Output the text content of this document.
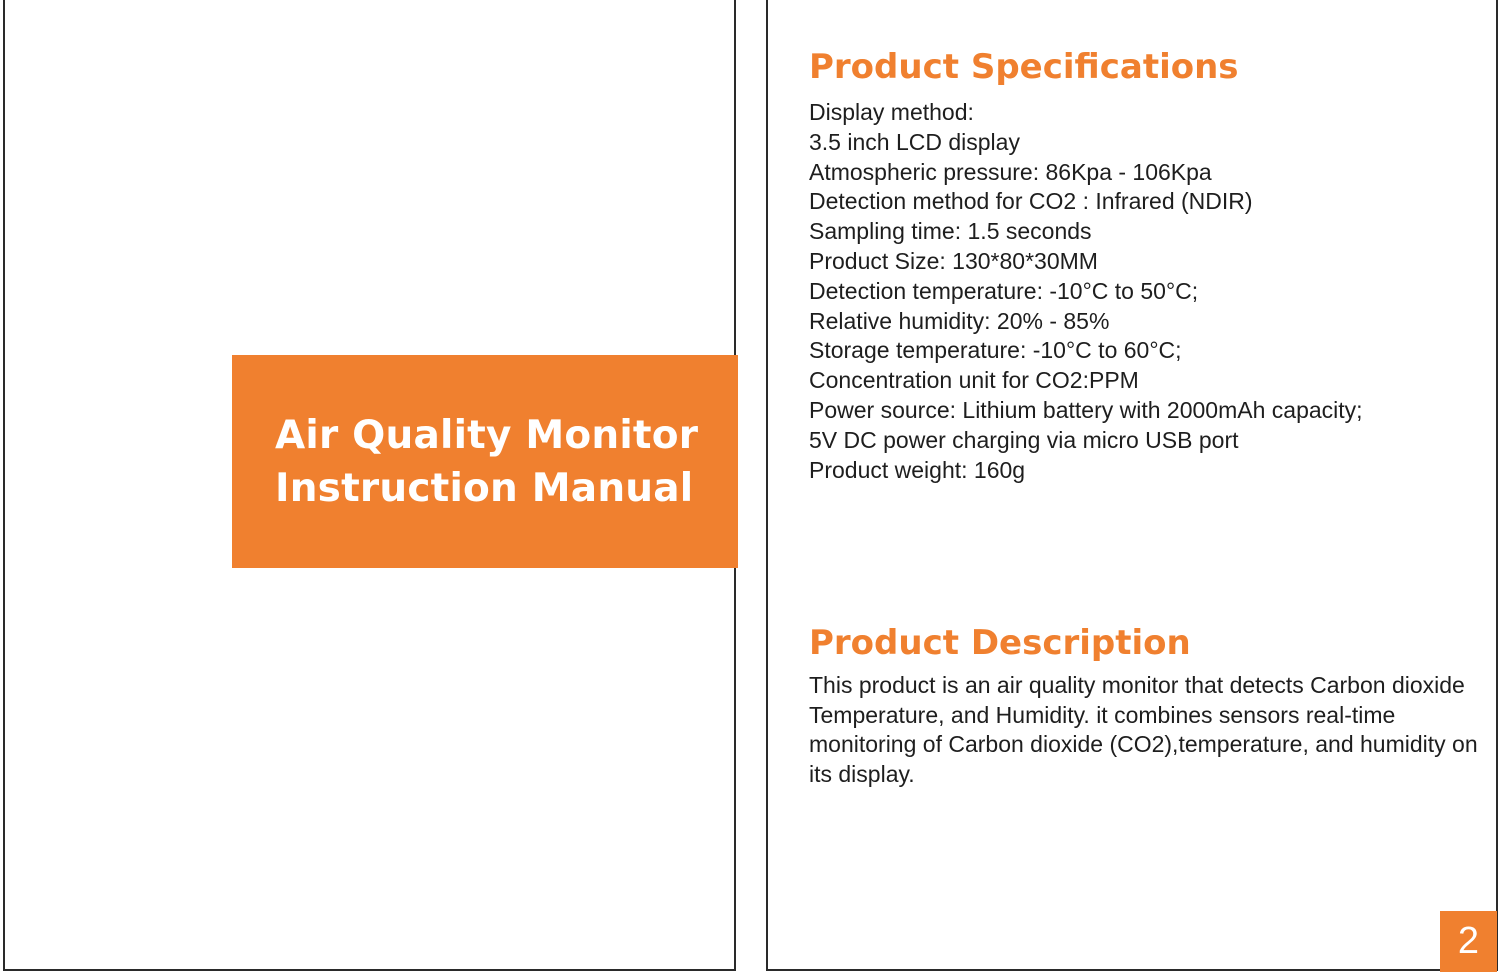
Air Quality Monitor
Instruction Manual
Product Specifications
Display method:
3.5 inch LCD display
Atmospheric pressure: 86Kpa - 106Kpa
Detection method for CO2 : Infrared (NDIR)
Sampling time: 1.5 seconds
Product Size: 130*80*30MM
Detection temperature: -10°C to 50°C;
Relative humidity: 20% - 85%
Storage temperature: -10°C to 60°C;
Concentration unit for CO2:PPM
Power source: Lithium battery with 2000mAh capacity;
5V DC power charging via micro USB port
Product weight: 160g
Product Description

This product is an air quality monitor that detects Carbon dioxide Temperature, and Humidity. it combines sensors real-time monitoring of Carbon dioxide (CO2),temperature, and humidity on its display.

2
